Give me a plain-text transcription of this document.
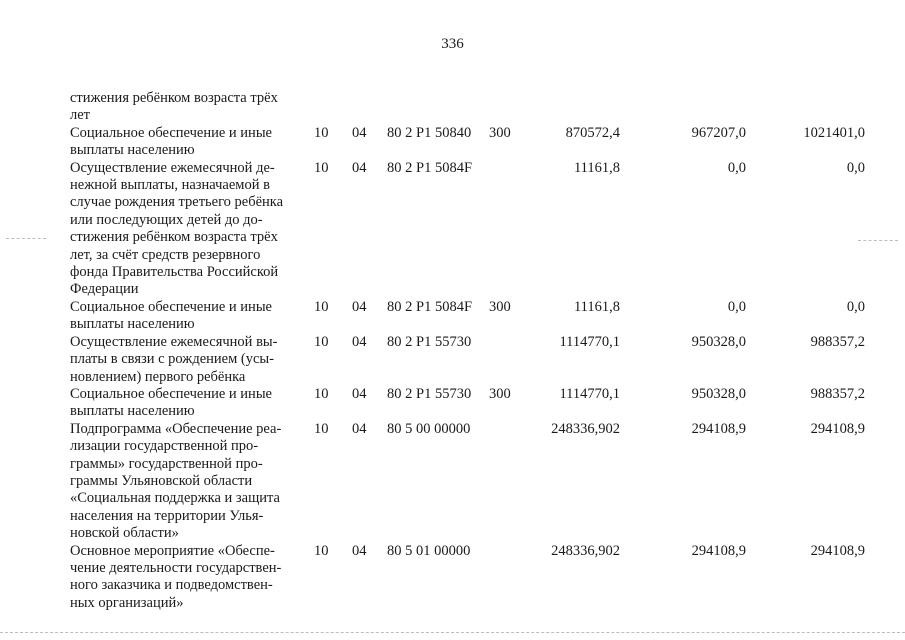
336
стижения ребёнком возраста трёх
лет
Социальное обеспечение и иные
выплаты населению
10 04 80 2 P1 50840 300	870572,4	967207,0	1021401,0
Осуществление ежемесячной де-
нежной выплаты, назначаемой в
случае рождения третьего ребёнка
или последующих детей до до-
стижения ребёнком возраста трёх
лет, за счёт средств резервного
фонда Правительства Российской
Федерации
10 04 80 2 P1 5084F	11161,8	0,0	0,0
Социальное обеспечение и иные
выплаты населению
10 04 80 2 P1 5084F 300	11161,8	0,0	0,0
Осуществление ежемесячной вы-
платы в связи с рождением (усы-
новлением) первого ребёнка
10 04 80 2 P1 55730	1114770,1	950328,0	988357,2
Социальное обеспечение и иные
выплаты населению
10 04 80 2 P1 55730 300	1114770,1	950328,0	988357,2
Подпрограмма «Обеспечение реа-
лизации государственной про-
граммы» государственной про-
граммы Ульяновской области
«Социальная поддержка и защита
населения на территории Улья-
новской области»
10 04 80 5 00 00000	248336,902	294108,9	294108,9
Основное мероприятие «Обеспе-
чение деятельности государствен-
ного заказчика и подведомствен-
ных организаций»
10 04 80 5 01 00000	248336,902	294108,9	294108,9
